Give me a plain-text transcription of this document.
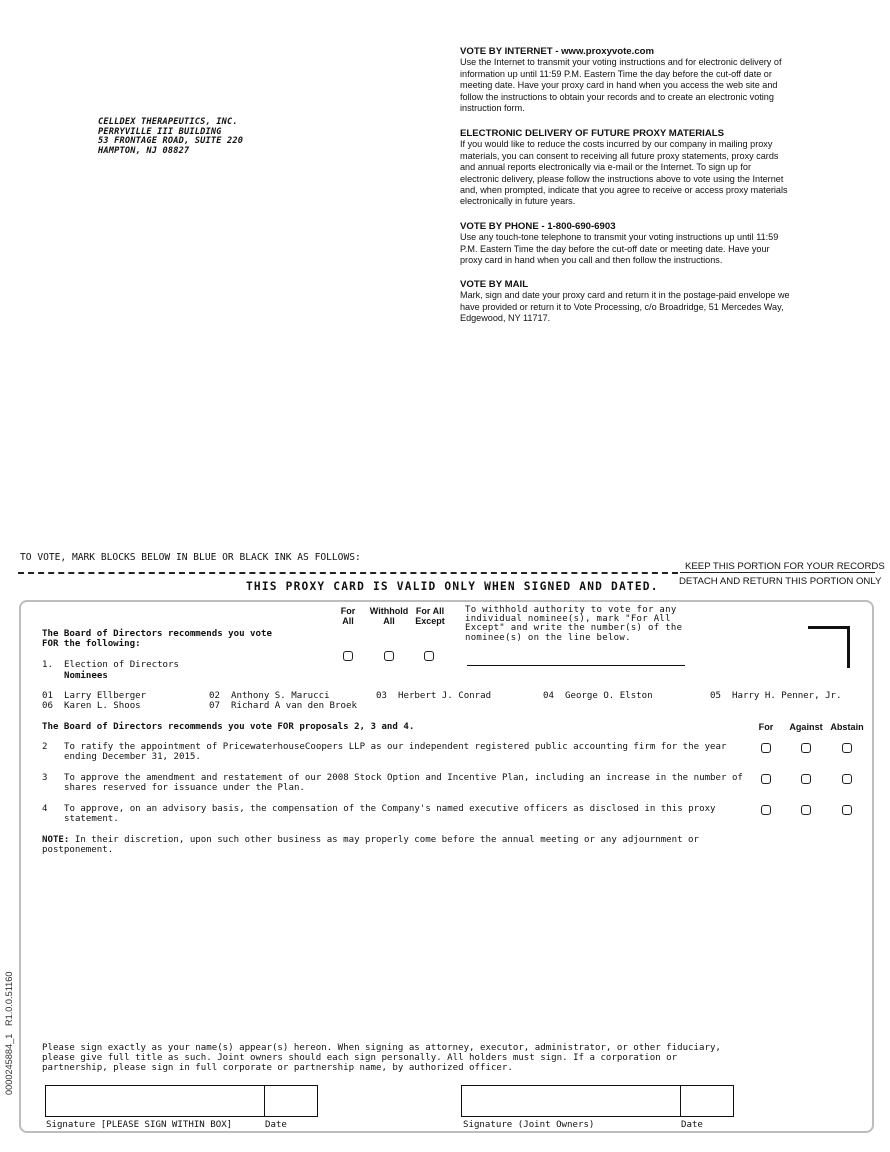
CELLDEX THERAPEUTICS, INC.
PERRYVILLE III BUILDING
53 FRONTAGE ROAD, SUITE 220
HAMPTON, NJ 08827
VOTE BY INTERNET - www.proxyvote.com
Use the Internet to transmit your voting instructions and for electronic delivery of
information up until 11:59 P.M. Eastern Time the day before the cut-off date or
meeting date. Have your proxy card in hand when you access the web site and
follow the instructions to obtain your records and to create an electronic voting
instruction form.
ELECTRONIC DELIVERY OF FUTURE PROXY MATERIALS
If you would like to reduce the costs incurred by our company in mailing proxy
materials, you can consent to receiving all future proxy statements, proxy cards
and annual reports electronically via e-mail or the Internet. To sign up for
electronic delivery, please follow the instructions above to vote using the Internet
and, when prompted, indicate that you agree to receive or access proxy materials
electronically in future years.
VOTE BY PHONE - 1-800-690-6903
Use any touch-tone telephone to transmit your voting instructions up until 11:59
P.M. Eastern Time the day before the cut-off date or meeting date. Have your
proxy card in hand when you call and then follow the instructions.
VOTE BY MAIL
Mark, sign and date your proxy card and return it in the postage-paid envelope we
have provided or return it to Vote Processing, c/o Broadridge, 51 Mercedes Way,
Edgewood, NY 11717.
TO VOTE, MARK BLOCKS BELOW IN BLUE OR BLACK INK AS FOLLOWS:
KEEP THIS PORTION FOR YOUR RECORDS
DETACH AND RETURN THIS PORTION ONLY
THIS PROXY CARD IS VALID ONLY WHEN SIGNED AND DATED.
The Board of Directors recommends you vote
FOR the following:
For
All
Withhold
All
For All
Except
To withhold authority to vote for any
individual nominee(s), mark "For All
Except" and write the number(s) of the
nominee(s) on the line below.
1. Election of Directors
Nominees
01 Larry Ellberger	02 Anthony S. Marucci	03 Herbert J. Conrad	04 George O. Elston	05 Harry H. Penner, Jr.
06 Karen L. Shoos	07 Richard A van den Broek
The Board of Directors recommends you vote FOR proposals 2, 3 and 4.	For	Against Abstain
2 To ratify the appointment of PricewaterhouseCoopers LLP as our independent registered public accounting firm for the year
ending December 31, 2015.
3 To approve the amendment and restatement of our 2008 Stock Option and Incentive Plan, including an increase in the number of
shares reserved for issuance under the Plan.
4 To approve, on an advisory basis, the compensation of the Company's named executive officers as disclosed in this proxy
statement.
NOTE: In their discretion, upon such other business as may properly come before the annual meeting or any adjournment or
postponement.
Please sign exactly as your name(s) appear(s) hereon. When signing as attorney, executor, administrator, or other fiduciary,
please give full title as such. Joint owners should each sign personally. All holders must sign. If a corporation or
partnership, please sign in full corporate or partnership name, by authorized officer.
Signature [PLEASE SIGN WITHIN BOX]	Date	Signature (Joint Owners)	Date
0000245884_1   R1.0.0.51160
